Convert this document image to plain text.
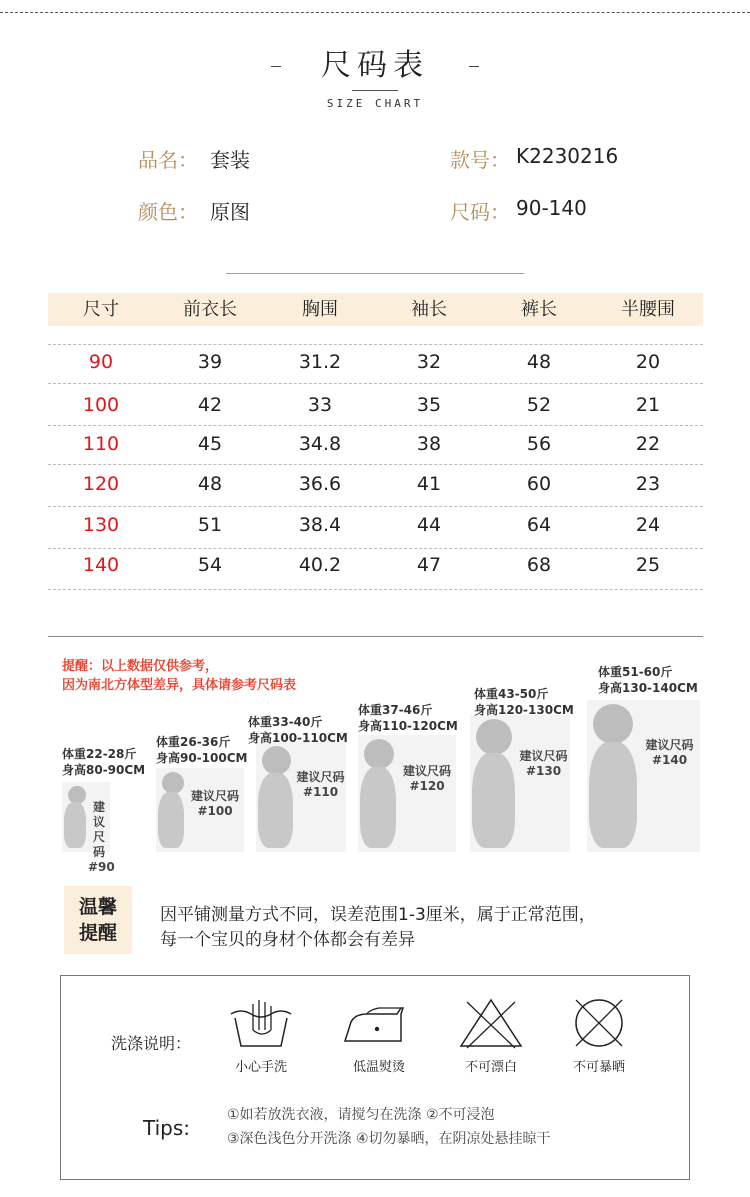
尺码表
SIZE CHART
品名： 套装	款号： K2230216
颜色： 原图	尺码： 90-140
尺寸	前衣长	胸围	袖长	裤长	半腰围
90	39	31.2	32	48	20
100	42	33	35	52	21
110	45	34.8	38	56	22
120	48	36.6	41	60	23
130	51	38.4	44	64	24
140	54	40.2	47	68	25
提醒：以上数据仅供参考，
因为南北方体型差异，具体请参考尺码表
建议尺码
#90
体重22-28斤
身高80-90CM
建议尺码
#100
体重26-36斤
身高90-100CM
建议尺码
#110
体重33-40斤
身高100-110CM
建议尺码
#120
体重37-46斤
身高110-120CM
建议尺码
#130
体重43-50斤
身高120-130CM
建议尺码
#140
体重51-60斤
身高130-140CM
温馨
提醒
因平铺测量方式不同，误差范围1-3厘米，属于正常范围，
每一个宝贝的身材个体都会有差异
洗涤说明：
小心手洗	低温熨烫	不可漂白	不可暴晒
Tips:
①如若放洗衣液，请搅匀在洗涤 ②不可浸泡
③深色浅色分开洗涤 ④切勿暴晒，在阴凉处悬挂晾干
